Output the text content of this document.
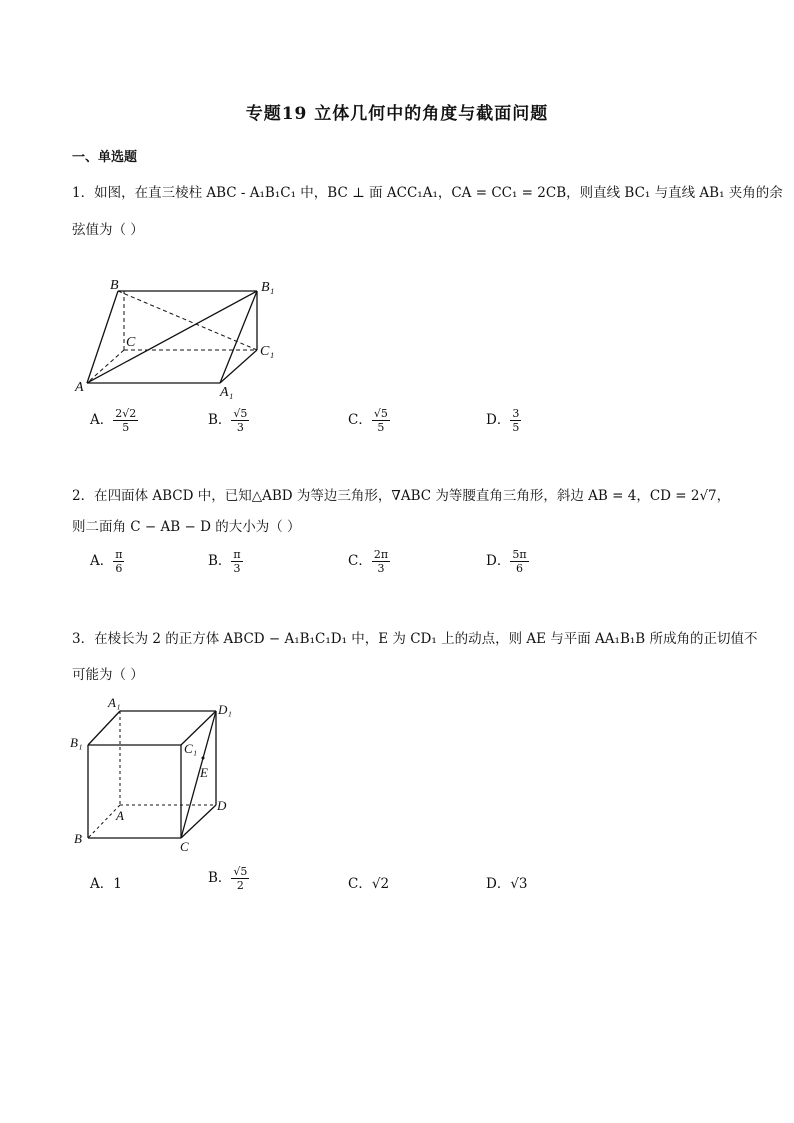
专题19 立体几何中的角度与截面问题
一、单选题
1．如图，在直三棱柱 ABC - A₁B₁C₁ 中，BC ⊥ 面 ACC₁A₁，CA = CC₁ = 2CB，则直线 BC₁ 与直线 AB₁ 夹角的余
弦值为（ ）
B	B₁
C
C₁
A	A₁
A． $\frac{2√2}{5}$	B． $\frac{√5}{3}$	C． $\frac{√5}{5}$	D． $\frac{3}{5}$
2．在四面体 ABCD 中，已知△ABD 为等边三角形，∇ABC 为等腰直角三角形，斜边 AB = 4，CD = 2√7，
则二面角 C − AB − D 的大小为（ ）
A． $\frac{\pi}{6}$	B． $\frac{\pi}{3}$	C． $\frac{2\pi}{3}$	D． $\frac{5\pi}{6}$
3．在棱长为 2 的正方体 ABCD − A₁B₁C₁D₁ 中，E 为 CD₁ 上的动点，则 AE 与平面 AA₁B₁B 所成角的正切值不
可能为（ ）
A₁	D₁
B₁	C₁
E
A
D
B
C
A．1	B． $\frac{√5}{2}$	C．√2	D．√3
